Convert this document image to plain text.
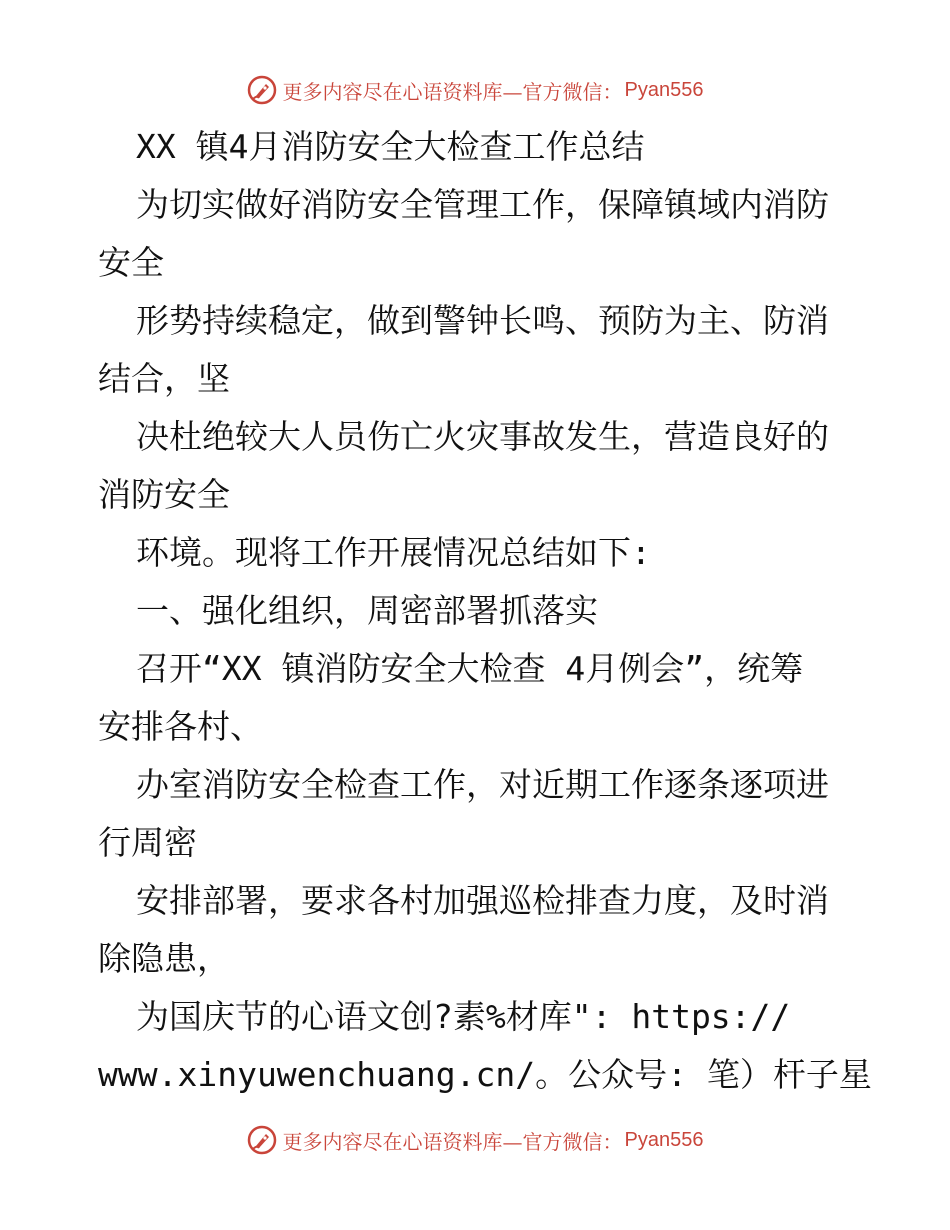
更多内容尽在心语资料库—官方微信： Pyan556
XX 镇4月消防安全大检查工作总结
为切实做好消防安全管理工作，保障镇域内消防
安全
形势持续稳定，做到警钟长鸣、预防为主、防消
结合，坚
决杜绝较大人员伤亡火灾事故发生，营造良好的
消防安全
环境。现将工作开展情况总结如下:
一、强化组织，周密部署抓落实
召开“XX 镇消防安全大检查 4月例会”，统筹
安排各村、
办室消防安全检查工作，对近期工作逐条逐项进
行周密
安排部署，要求各村加强巡检排查力度，及时消
除隐患，
为国庆节的心语文创?素%材库": https://
www.xinyuwenchuang.cn/。公众号: 笔）杆子星
更多内容尽在心语资料库—官方微信： Pyan556
